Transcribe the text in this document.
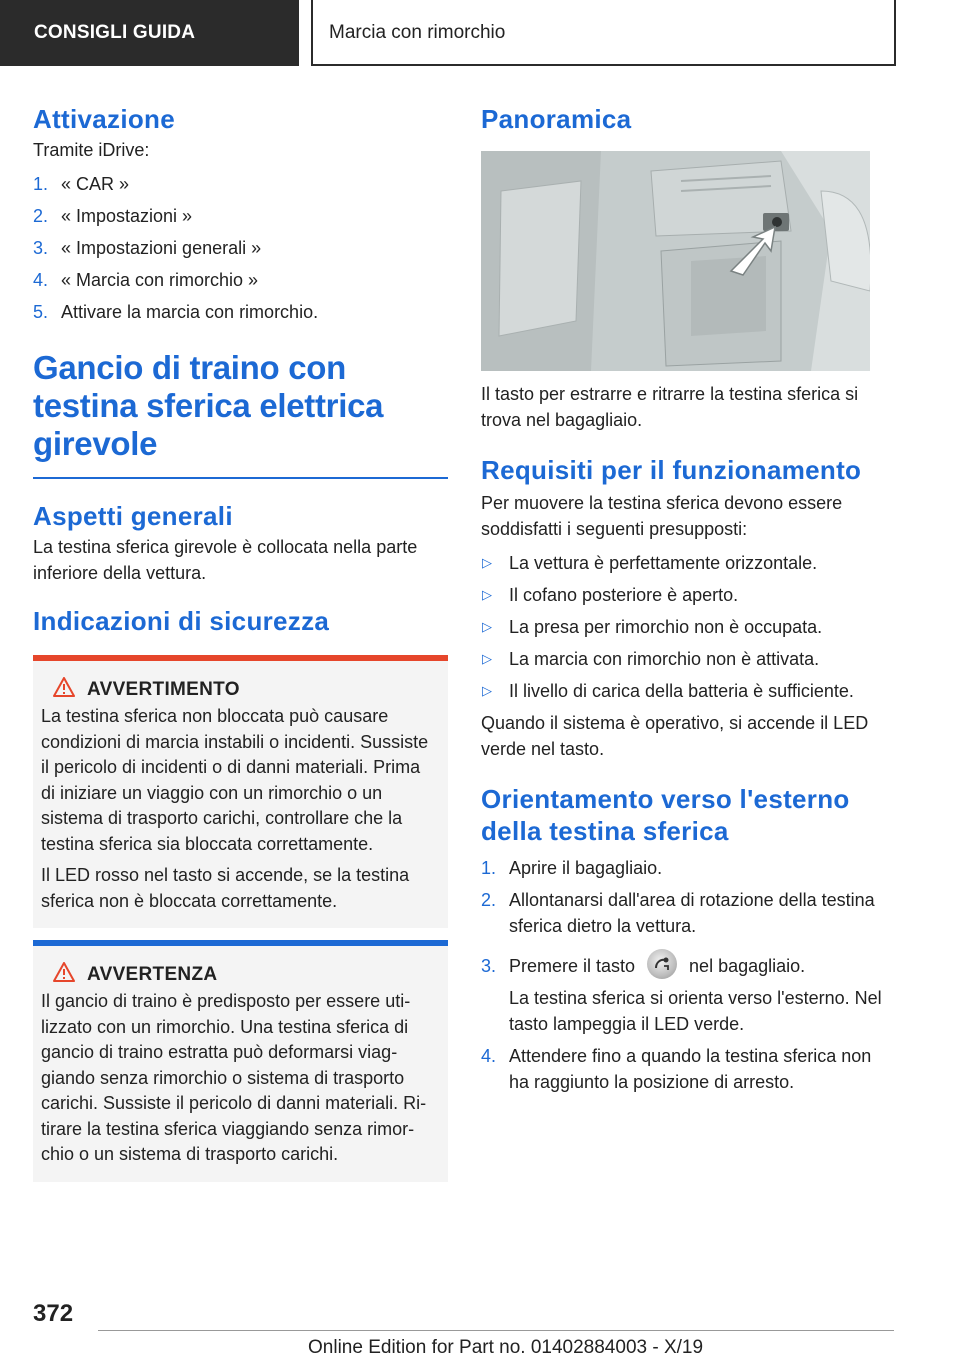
CONSIGLI GUIDA	Marcia con rimorchio
Attivazione

Tramite iDrive:

1. « CAR »
2. « Impostazioni »
3. « Impostazioni generali »
4. « Marcia con rimorchio »
5. Attivare la marcia con rimorchio.
Gancio di traino con testina sferica elettrica girevole
Aspetti generali

La testina sferica girevole è collocata nella parte inferiore della vettura.

Indicazioni di sicurezza
AVVERTIMENTO

La testina sferica non bloccata può causare condizioni di marcia instabili o incidenti. Sussiste il pericolo di incidenti o di danni materiali. Prima di iniziare un viaggio con un rimorchio o un sistema di trasporto carichi, controllare che la testina sferica sia bloccata correttamente.

Il LED rosso nel tasto si accende, se la testina sferica non è bloccata correttamente.

AVVERTENZA

Il gancio di traino è predisposto per essere utilizzato con un rimorchio. Una testina sferica di gancio di traino estratta può deformarsi viaggiando senza rimorchio o sistema di trasporto carichi. Sussiste il pericolo di danni materiali. Ritirare la testina sferica viaggiando senza rimorchio o un sistema di trasporto carichi.

Panoramica

Il tasto per estrarre e ritrarre la testina sferica si trova nel bagagliaio.

Requisiti per il funzionamento

Per muovere la testina sferica devono essere soddisfatti i seguenti presupposti:

▷ La vettura è perfettamente orizzontale.
▷ Il cofano posteriore è aperto.
▷ La presa per rimorchio non è occupata.
▷ La marcia con rimorchio non è attivata.
▷ Il livello di carica della batteria è sufficiente.

Quando il sistema è operativo, si accende il LED verde nel tasto.

Orientamento verso l'esterno della testina sferica
1. Aprire il bagagliaio.
2. Allontanarsi dall'area di rotazione della testina sferica dietro la vettura.
3. Premere il tasto	nel bagagliaio.

La testina sferica si orienta verso l'esterno. Nel tasto lampeggia il LED verde.

4. Attendere fino a quando la testina sferica non ha raggiunto la posizione di arresto.
372
Online Edition for Part no. 01402884003 - X/19
